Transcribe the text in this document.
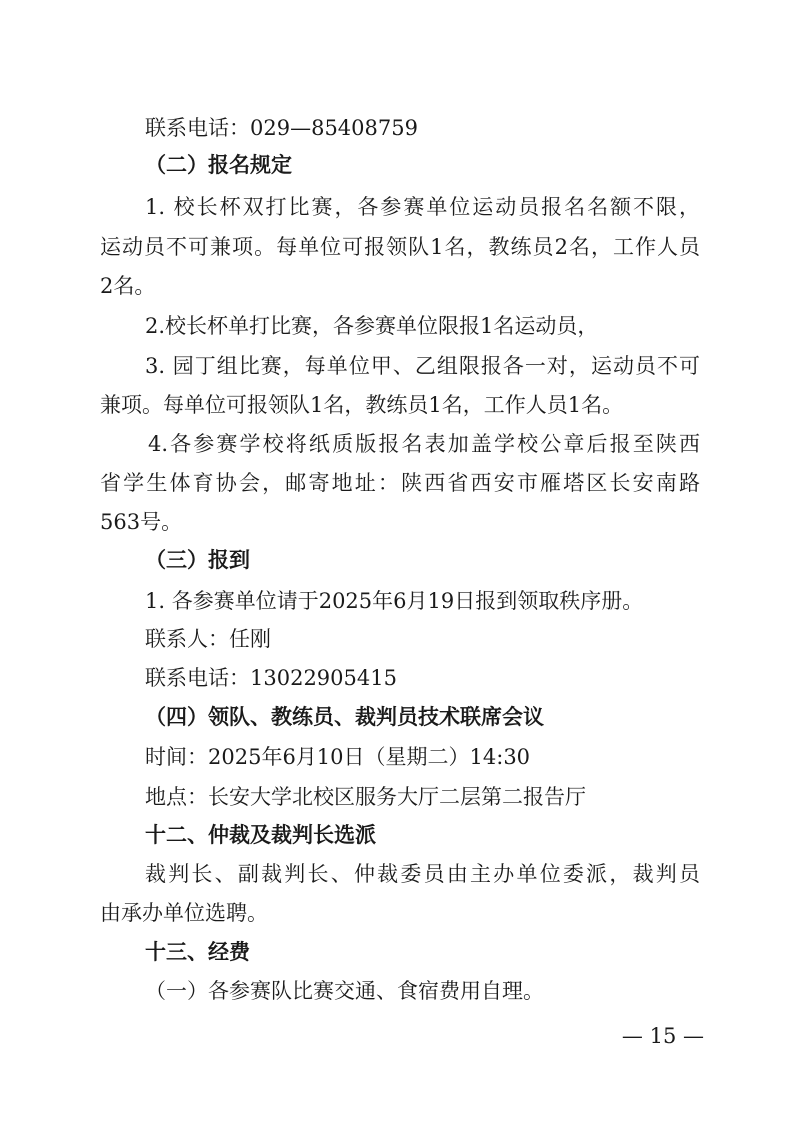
联系电话：029—85408759
（二）报名规定
1. 校长杯双打比赛，各参赛单位运动员报名名额不限，
运动员不可兼项。每单位可报领队1名，教练员2名，工作人员
2名。
2.校长杯单打比赛，各参赛单位限报1名运动员，
3. 园丁组比赛，每单位甲、乙组限报各一对，运动员不可
兼项。每单位可报领队1名，教练员1名，工作人员1名。
4.各参赛学校将纸质版报名表加盖学校公章后报至陕西
省学生体育协会，邮寄地址：陕西省西安市雁塔区长安南路
563号。
（三）报到
1. 各参赛单位请于2025年6月19日报到领取秩序册。
联系人：任刚
联系电话：13022905415
（四）领队、教练员、裁判员技术联席会议
时间：2025年6月10日（星期二）14:30
地点：长安大学北校区服务大厅二层第二报告厅
十二、仲裁及裁判长选派
裁判长、副裁判长、仲裁委员由主办单位委派，裁判员
由承办单位选聘。
十三、经费
（一）各参赛队比赛交通、食宿费用自理。
— 15 —
